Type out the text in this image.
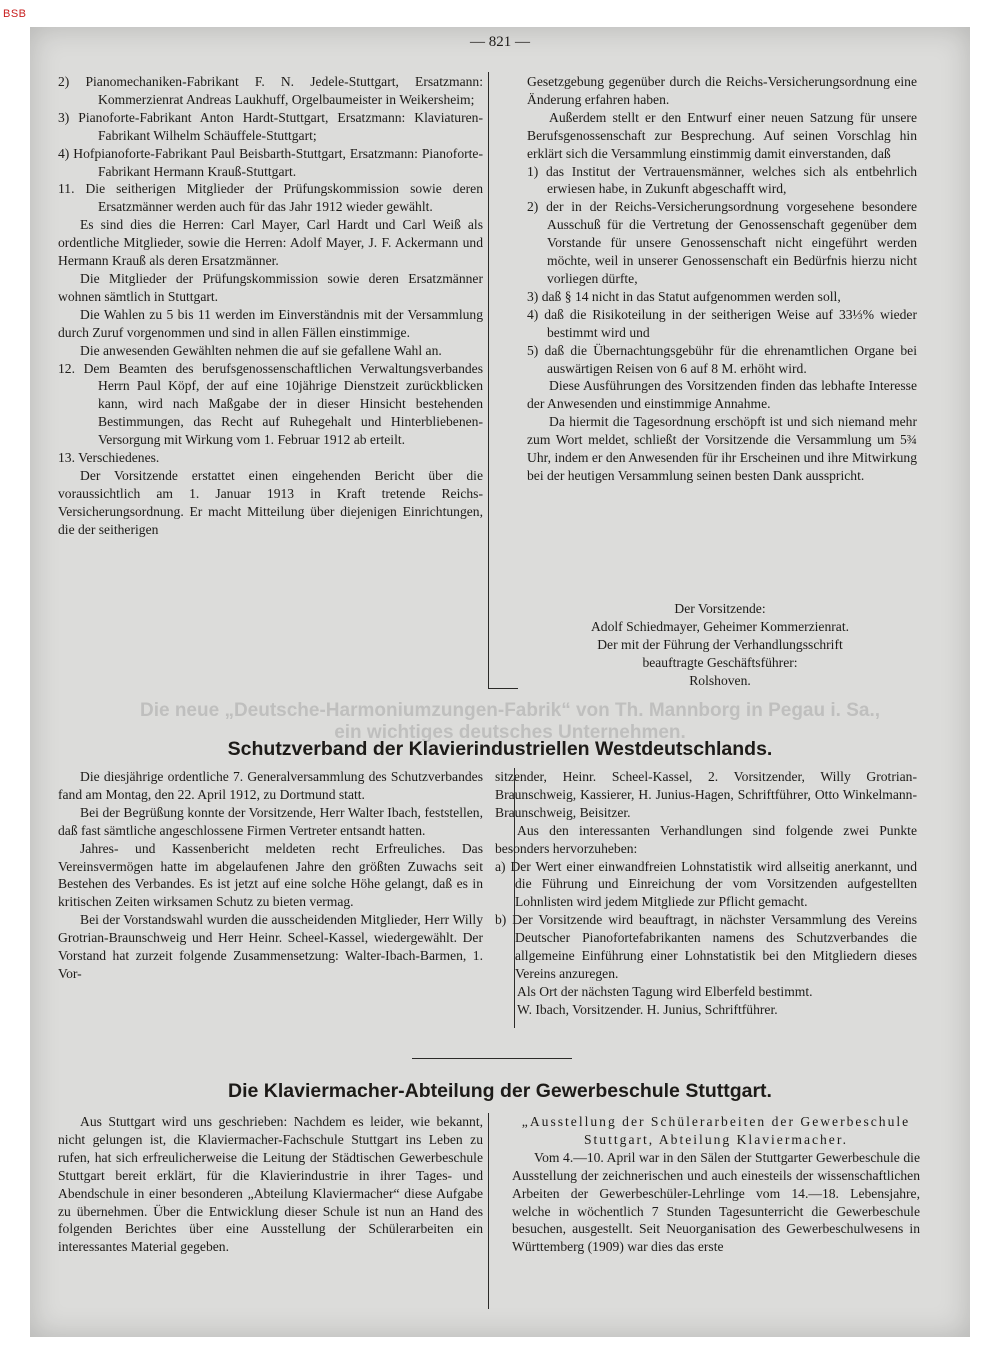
BSB
— 821 —

2) Pianomechaniken-Fabrikant F. N. Jedele-Stuttgart, Ersatzmann: Kommerzienrat Andreas Laukhuff, Orgelbaumeister in Weikersheim;

3) Pianoforte-Fabrikant Anton Hardt-Stuttgart, Ersatzmann: Klaviaturen-Fabrikant Wilhelm Schäuffele-Stuttgart;

4) Hofpianoforte-Fabrikant Paul Beisbarth-Stuttgart, Ersatzmann: Pianoforte-Fabrikant Hermann Krauß-Stuttgart.

11. Die seitherigen Mitglieder der Prüfungskommission sowie deren Ersatzmänner werden auch für das Jahr 1912 wieder gewählt.

Es sind dies die Herren: Carl Mayer, Carl Hardt und Carl Weiß als ordentliche Mitglieder, sowie die Herren: Adolf Mayer, J. F. Ackermann und Hermann Krauß als deren Ersatzmänner.

Die Mitglieder der Prüfungskommission sowie deren Ersatzmänner wohnen sämtlich in Stuttgart.

Die Wahlen zu 5 bis 11 werden im Einverständnis mit der Versammlung durch Zuruf vorgenommen und sind in allen Fällen einstimmige.

Die anwesenden Gewählten nehmen die auf sie gefallene Wahl an.

12. Dem Beamten des berufsgenossenschaftlichen Verwaltungsverbandes Herrn Paul Köpf, der auf eine 10jährige Dienstzeit zurückblicken kann, wird nach Maßgabe der in dieser Hinsicht bestehenden Bestimmungen, das Recht auf Ruhegehalt und Hinterbliebenen-Versorgung mit Wirkung vom 1. Februar 1912 ab erteilt.

13. Verschiedenes.

Der Vorsitzende erstattet einen eingehenden Bericht über die voraussichtlich am 1. Januar 1913 in Kraft tretende Reichs-Versicherungsordnung. Er macht Mitteilung über diejenigen Einrichtungen, die der seitherigen

Gesetzgebung gegenüber durch die Reichs-Versicherungsordnung eine Änderung erfahren haben.

Außerdem stellt er den Entwurf einer neuen Satzung für unsere Berufsgenossenschaft zur Besprechung. Auf seinen Vorschlag hin erklärt sich die Versammlung einstimmig damit einverstanden, daß

1) das Institut der Vertrauensmänner, welches sich als entbehrlich erwiesen habe, in Zukunft abgeschafft wird,

2) der in der Reichs-Versicherungsordnung vorgesehene besondere Ausschuß für die Vertretung der Genossenschaft gegenüber dem Vorstande für unsere Genossenschaft nicht eingeführt werden möchte, weil in unserer Genossenschaft ein Bedürfnis hierzu nicht vorliegen dürfte,

3) daß § 14 nicht in das Statut aufgenommen werden soll,

4) daß die Risikoteilung in der seitherigen Weise auf 33⅓% wieder bestimmt wird und

5) daß die Übernachtungsgebühr für die ehrenamtlichen Organe bei auswärtigen Reisen von 6 auf 8 M. erhöht wird.

Diese Ausführungen des Vorsitzenden finden das lebhafte Interesse der Anwesenden und einstimmige Annahme.

Da hiermit die Tagesordnung erschöpft ist und sich niemand mehr zum Wort meldet, schließt der Vorsitzende die Versammlung um 5¾ Uhr, indem er den Anwesenden für ihr Erscheinen und ihre Mitwirkung bei der heutigen Versammlung seinen besten Dank ausspricht.

Der Vorsitzende:

Adolf Schiedmayer, Geheimer Kommerzienrat.

Der mit der Führung der Verhandlungsschrift

beauftragte Geschäftsführer:

Rolshoven.

Die neue „Deutsche-Harmoniumzungen-Fabrik“ von Th. Mannborg in Pegau i. Sa.,
ein wichtiges deutsches Unternehmen.
Schutzverband der Klavierindustriellen Westdeutschlands.

Die diesjährige ordentliche 7. Generalversammlung des Schutzverbandes fand am Montag, den 22. April 1912, zu Dortmund statt.

Bei der Begrüßung konnte der Vorsitzende, Herr Walter Ibach, feststellen, daß fast sämtliche angeschlossene Firmen Vertreter entsandt hatten.

Jahres- und Kassenbericht meldeten recht Erfreuliches. Das Vereinsvermögen hatte im abgelaufenen Jahre den größten Zuwachs seit Bestehen des Verbandes. Es ist jetzt auf eine solche Höhe gelangt, daß es in kritischen Zeiten wirksamen Schutz zu bieten vermag.

Bei der Vorstandswahl wurden die ausscheidenden Mitglieder, Herr Willy Grotrian-Braunschweig und Herr Heinr. Scheel-Kassel, wiedergewählt. Der Vorstand hat zurzeit folgende Zusammensetzung: Walter-Ibach-Barmen, 1. Vor-

sitzender, Heinr. Scheel-Kassel, 2. Vorsitzender, Willy Grotrian-Braunschweig, Kassierer, H. Junius-Hagen, Schriftführer, Otto Winkelmann-Braunschweig, Beisitzer.

Aus den interessanten Verhandlungen sind folgende zwei Punkte besonders hervorzuheben:

a) Der Wert einer einwandfreien Lohnstatistik wird allseitig anerkannt, und die Führung und Einreichung der vom Vorsitzenden aufgestellten Lohnlisten wird jedem Mitgliede zur Pflicht gemacht.

b) Der Vorsitzende wird beauftragt, in nächster Versammlung des Vereins Deutscher Pianofortefabrikanten namens des Schutzverbandes die allgemeine Einführung einer Lohnstatistik bei den Mitgliedern dieses Vereins anzuregen.

Als Ort der nächsten Tagung wird Elberfeld bestimmt.

W. Ibach, Vorsitzender. H. Junius, Schriftführer.

Die Klaviermacher-Abteilung der Gewerbeschule Stuttgart.

Aus Stuttgart wird uns geschrieben: Nachdem es leider, wie bekannt, nicht gelungen ist, die Klaviermacher-Fachschule Stuttgart ins Leben zu rufen, hat sich erfreulicherweise die Leitung der Städtischen Gewerbeschule Stuttgart bereit erklärt, für die Klavierindustrie in ihrer Tages- und Abendschule in einer besonderen „Abteilung Klaviermacher“ diese Aufgabe zu übernehmen. Über die Entwicklung dieser Schule ist nun an Hand des folgenden Berichtes über eine Ausstellung der Schülerarbeiten ein interessantes Material gegeben.

„Ausstellung der Schülerarbeiten der Gewerbeschule Stuttgart, Abteilung Klaviermacher.

Vom 4.—10. April war in den Sälen der Stuttgarter Gewerbeschule die Ausstellung der zeichnerischen und auch einesteils der wissenschaftlichen Arbeiten der Gewerbeschüler-Lehrlinge vom 14.—18. Lebensjahre, welche in wöchentlich 7 Stunden Tagesunterricht die Gewerbeschule besuchen, ausgestellt. Seit Neuorganisation des Gewerbeschulwesens in Württemberg (1909) war dies das erste
